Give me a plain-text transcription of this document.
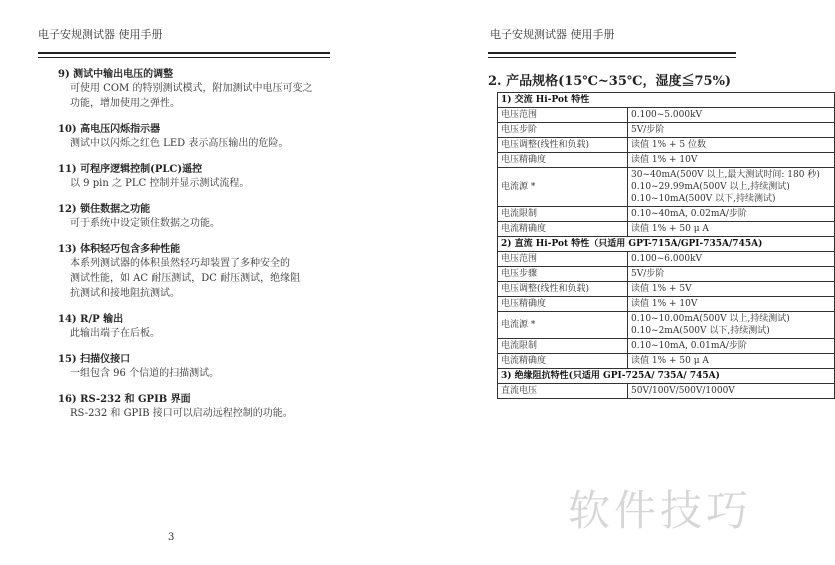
电子安规测试器 使用手册
9) 测试中输出电压的调整
可使用 COM 的特别测试模式，附加测试中电压可变之
功能，增加使用之弹性。
10) 高电压闪烁指示器
测试中以闪烁之红色 LED 表示高压输出的危险。
11) 可程序逻辑控制(PLC)遥控
以 9 pin 之 PLC 控制并显示测试流程。
12) 锁住数据之功能
可于系统中设定锁住数据之功能。
13) 体积轻巧包含多种性能
本系列测试器的体积虽然轻巧却装置了多种安全的
测试性能，如 AC 耐压测试，DC 耐压测试，绝缘阻
抗测试和接地阻抗测试。
14) R/P 输出
此输出端子在后板。
15) 扫描仪接口
一组包含 96 个信道的扫描测试。
16) RS-232 和 GPIB 界面
RS-232 和 GPIB 接口可以启动远程控制的功能。
3
电子安规测试器 使用手册
2. 产品规格(15℃~35℃，湿度≦75%)
1) 交流 Hi-Pot 特性	
电压范围	0.100~5.000kV

电压步阶	5V/步阶

电压调整(线性和负载)	读值 1% + 5 位数

电压精确度	读值 1% + 10V

电流源 *	30~40mA(500V 以上,最大测试时间: 180 秒)
0.10~29.99mA(500V 以上,持续测试)
0.10~10mA(500V 以下,持续测试)

电流限制	0.10~40mA, 0.02mA/步阶

电流精确度	读值 1% + 50 μ A

2) 直流 Hi-Pot 特性（只适用 GPT-715A/GPI-735A/745A)	
电压范围	0.100~6.000kV

电压步骤	5V/步阶

电压调整(线性和负载)	读值 1% + 5V

电压精确度	读值 1% + 10V

电流源 *	0.10~10.00mA(500V 以上,持续测试)
0.10~2mA(500V 以下,持续测试)

电流限制	0.10~10mA, 0.01mA/步阶

电流精确度	读值 1% + 50 μ A

3) 绝缘阻抗特性(只适用 GPI-725A/ 735A/ 745A)	
直流电压	50V/100V/500V/1000V
软件技巧
